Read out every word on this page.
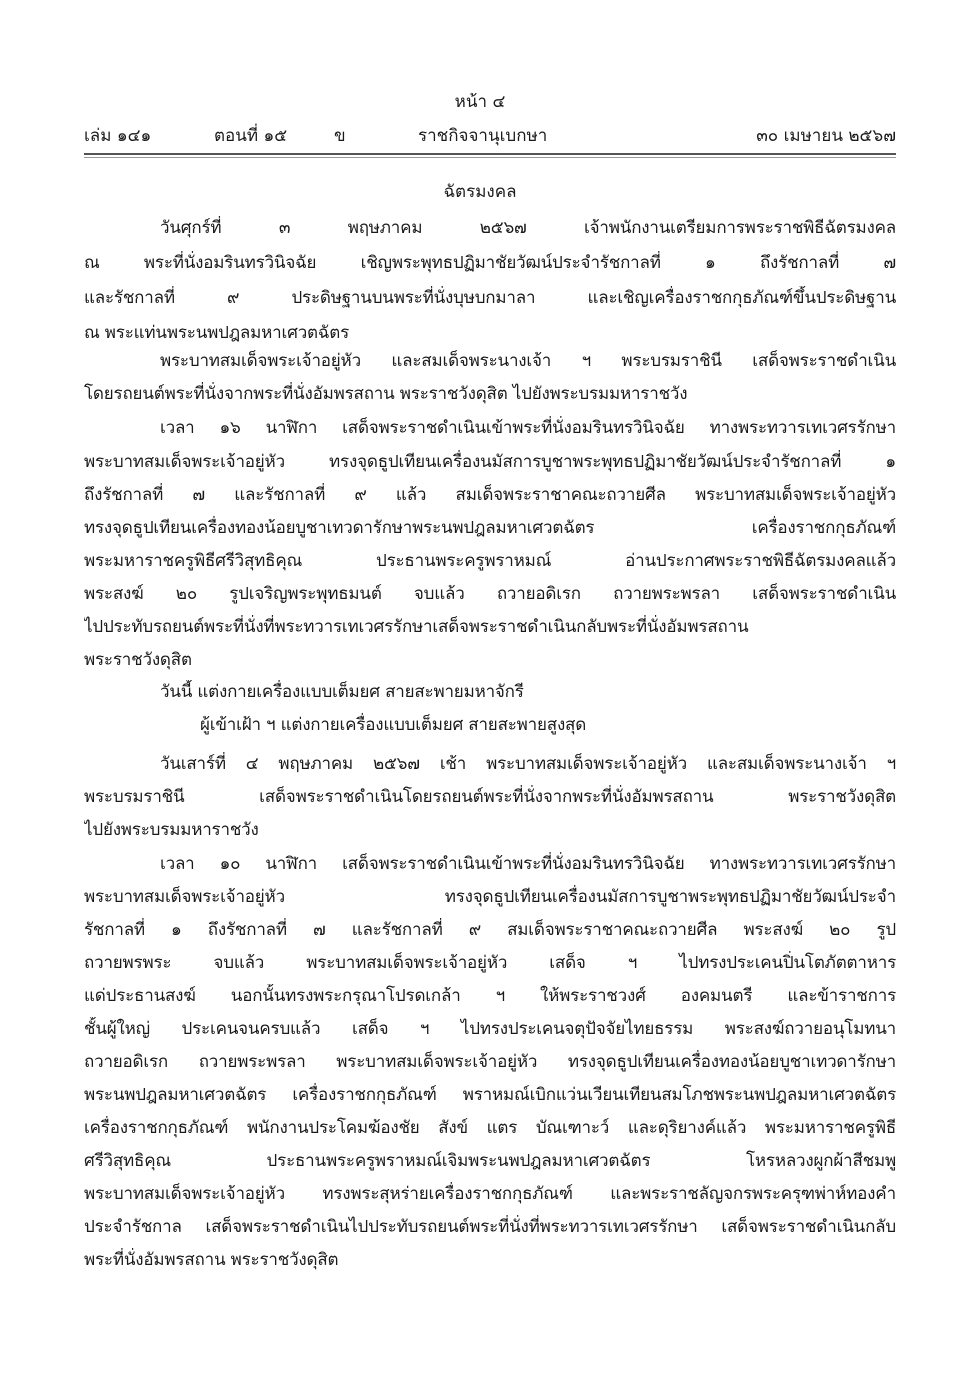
หน้า ๔
เล่ม ๑๔๑	ตอนที่ ๑๕	ข	ราชกิจจานุเบกษา	๓๐ เมษายน ๒๕๖๗
ฉัตรมงคล
วันศุกร์ที่ ๓ พฤษภาคม ๒๕๖๗ เจ้าพนักงานเตรียมการพระราชพิธีฉัตรมงคล
ณ พระที่นั่งอมรินทรวินิจฉัย เชิญพระพุทธปฏิมาชัยวัฒน์ประจำรัชกาลที่ ๑ ถึงรัชกาลที่ ๗
และรัชกาลที่ ๙ ประดิษฐานบนพระที่นั่งบุษบกมาลา และเชิญเครื่องราชกกุธภัณฑ์ขึ้นประดิษฐาน
ณ พระแท่นพระนพปฎลมหาเศวตฉัตร
พระบาทสมเด็จพระเจ้าอยู่หัว และสมเด็จพระนางเจ้า ฯ พระบรมราชินี เสด็จพระราชดำเนิน
โดยรถยนต์พระที่นั่งจากพระที่นั่งอัมพรสถาน พระราชวังดุสิต ไปยังพระบรมมหาราชวัง
เวลา ๑๖ นาฬิกา เสด็จพระราชดำเนินเข้าพระที่นั่งอมรินทรวินิจฉัย ทางพระทวารเทเวศรรักษา
พระบาทสมเด็จพระเจ้าอยู่หัว ทรงจุดธูปเทียนเครื่องนมัสการบูชาพระพุทธปฏิมาชัยวัฒน์ประจำรัชกาลที่ ๑
ถึงรัชกาลที่ ๗ และรัชกาลที่ ๙ แล้ว สมเด็จพระราชาคณะถวายศีล พระบาทสมเด็จพระเจ้าอยู่หัว
ทรงจุดธูปเทียนเครื่องทองน้อยบูชาเทวดารักษาพระนพปฎลมหาเศวตฉัตร เครื่องราชกกุธภัณฑ์
พระมหาราชครูพิธีศรีวิสุทธิคุณ ประธานพระครูพราหมณ์ อ่านประกาศพระราชพิธีฉัตรมงคลแล้ว
พระสงฆ์ ๒๐ รูปเจริญพระพุทธมนต์ จบแล้ว ถวายอดิเรก ถวายพระพรลา เสด็จพระราชดำเนิน
ไปประทับรถยนต์พระที่นั่งที่พระทวารเทเวศรรักษาเสด็จพระราชดำเนินกลับพระที่นั่งอัมพรสถาน
พระราชวังดุสิต
วันนี้ แต่งกายเครื่องแบบเต็มยศ สายสะพายมหาจักรี
ผู้เข้าเฝ้า ฯ แต่งกายเครื่องแบบเต็มยศ สายสะพายสูงสุด
วันเสาร์ที่ ๔ พฤษภาคม ๒๕๖๗ เช้า พระบาทสมเด็จพระเจ้าอยู่หัว และสมเด็จพระนางเจ้า ฯ
พระบรมราชินี เสด็จพระราชดำเนินโดยรถยนต์พระที่นั่งจากพระที่นั่งอัมพรสถาน พระราชวังดุสิต
ไปยังพระบรมมหาราชวัง
เวลา ๑๐ นาฬิกา เสด็จพระราชดำเนินเข้าพระที่นั่งอมรินทรวินิจฉัย ทางพระทวารเทเวศรรักษา
พระบาทสมเด็จพระเจ้าอยู่หัว ทรงจุดธูปเทียนเครื่องนมัสการบูชาพระพุทธปฏิมาชัยวัฒน์ประจำ
รัชกาลที่ ๑ ถึงรัชกาลที่ ๗ และรัชกาลที่ ๙ สมเด็จพระราชาคณะถวายศีล พระสงฆ์ ๒๐ รูป
ถวายพรพระ จบแล้ว พระบาทสมเด็จพระเจ้าอยู่หัว เสด็จ ฯ ไปทรงประเคนปิ่นโตภัตตาหาร
แด่ประธานสงฆ์ นอกนั้นทรงพระกรุณาโปรดเกล้า ฯ ให้พระราชวงศ์ องคมนตรี และข้าราชการ
ชั้นผู้ใหญ่ ประเคนจนครบแล้ว เสด็จ ฯ ไปทรงประเคนจตุปัจจัยไทยธรรม พระสงฆ์ถวายอนุโมทนา
ถวายอดิเรก ถวายพระพรลา พระบาทสมเด็จพระเจ้าอยู่หัว ทรงจุดธูปเทียนเครื่องทองน้อยบูชาเทวดารักษา
พระนพปฎลมหาเศวตฉัตร เครื่องราชกกุธภัณฑ์ พราหมณ์เบิกแว่นเวียนเทียนสมโภชพระนพปฎลมหาเศวตฉัตร
เครื่องราชกกุธภัณฑ์ พนักงานประโคมฆ้องชัย สังข์ แตร บัณเฑาะว์ และดุริยางค์แล้ว พระมหาราชครูพิธี
ศรีวิสุทธิคุณ ประธานพระครูพราหมณ์เจิมพระนพปฎลมหาเศวตฉัตร โหรหลวงผูกผ้าสีชมพู
พระบาทสมเด็จพระเจ้าอยู่หัว ทรงพระสุหร่ายเครื่องราชกกุธภัณฑ์ และพระราชลัญจกรพระครุฑพ่าห์ทองคำ
ประจำรัชกาล เสด็จพระราชดำเนินไปประทับรถยนต์พระที่นั่งที่พระทวารเทเวศรรักษา เสด็จพระราชดำเนินกลับ
พระที่นั่งอัมพรสถาน พระราชวังดุสิต
